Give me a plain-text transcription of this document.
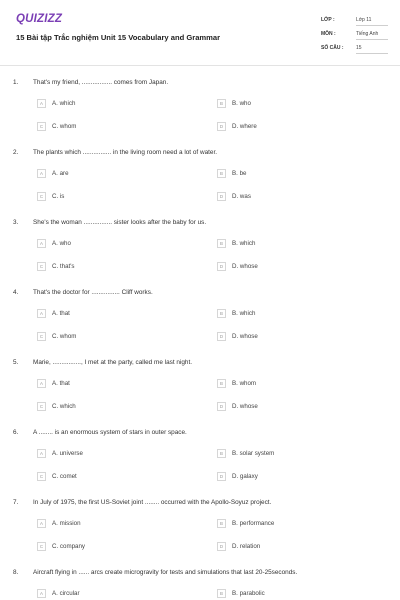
QUIZIZZ
15 Bài tập Trắc nghiệm Unit 15 Vocabulary and Grammar
LỚP :	Lớp 11
MÔN :	Tiếng Anh
SỐ CÂU :	15
1. That's my friend, ................. comes from Japan.
A	A. which	B	B. who
C	C. whom	D	D. where
2. The plants which ................ in the living room need a lot of water.
A	A. are	B	B. be
C	C. is	D	D. was
3. She's the woman ................ sister looks after the baby for us.
A	A. who	B	B. which
C	C. that's	D	D. whose
4. That's the doctor for ................ Cliff works.
A	A. that	B	B. which
C	C. whom	D	D. whose
5. Marie, ................, I met at the party, called me last night.
A	A. that	B	B. whom
C	C. which	D	D. whose
6. A ........ is an enormous system of stars in outer space.
A	A. universe	B	B. solar system
C	C. comet	D	D. galaxy
7. In July of 1975, the first US-Soviet joint ........ occurred with the Apollo-Soyuz project.
A	A. mission	B	B. performance
C	C. company	D	D. relation
8. Aircraft flying in ...... arcs create microgravity for tests and simulations that last 20-25seconds.
A	A. circular	B	B. parabolic
